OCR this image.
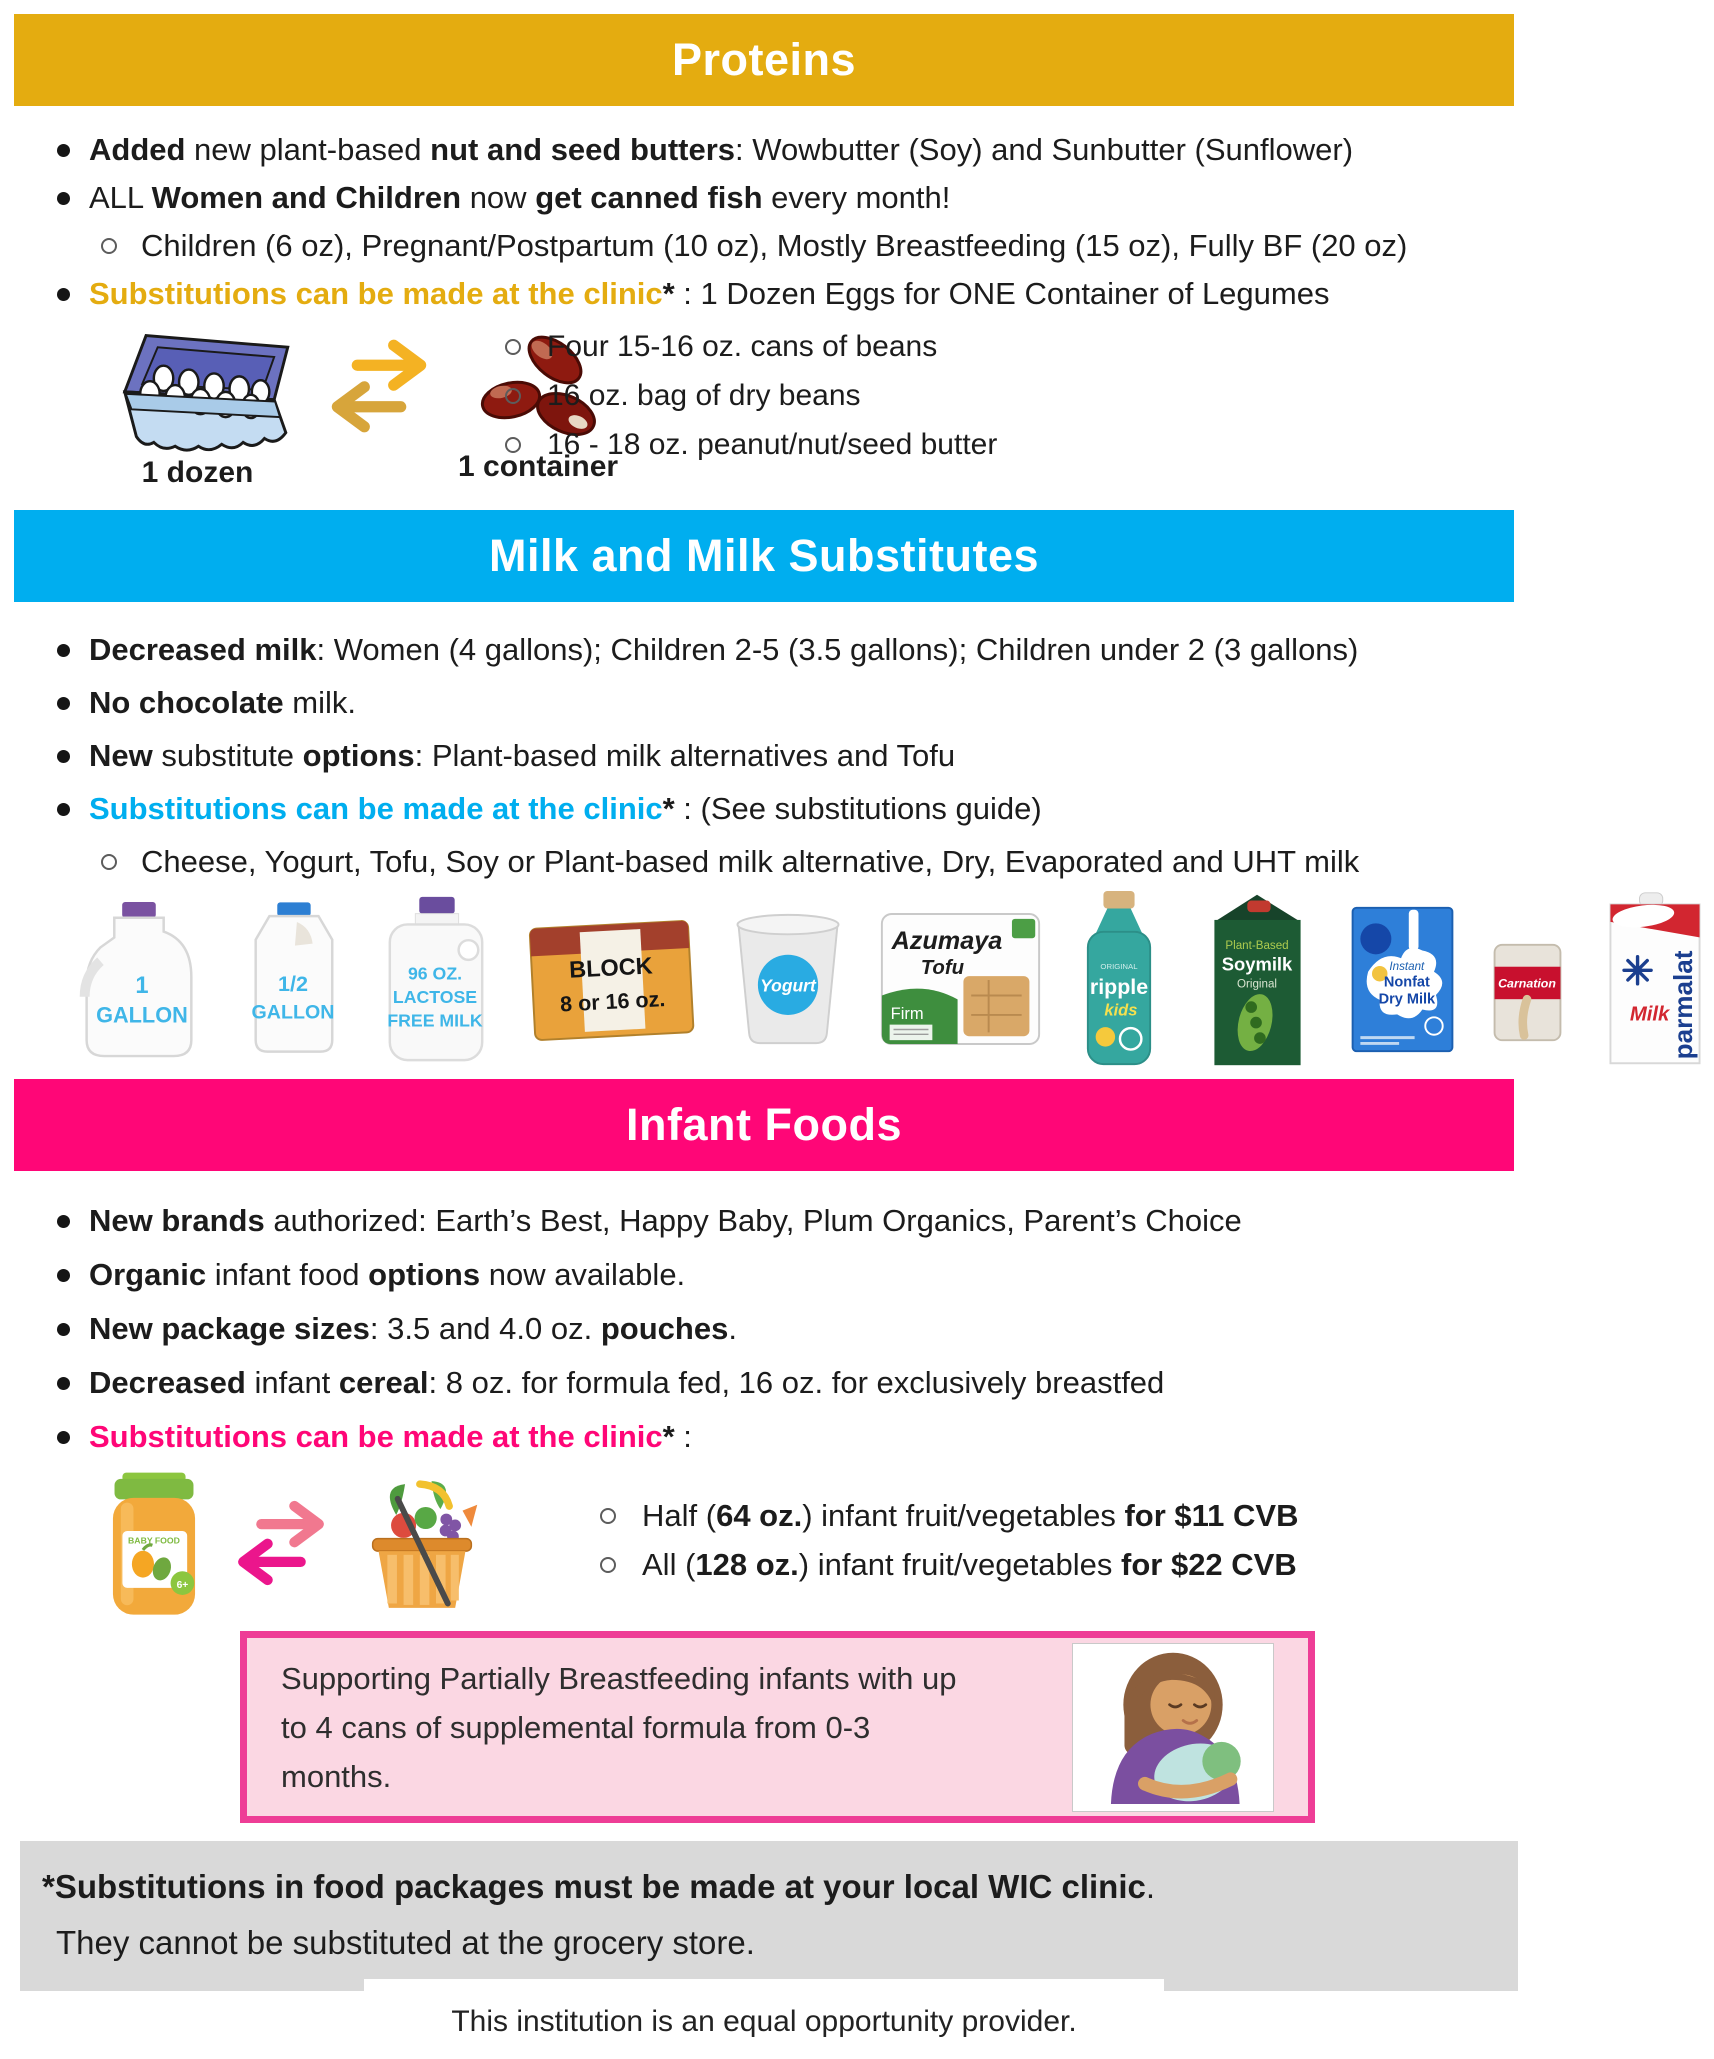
Proteins
Added new plant-based nut and seed butters: Wowbutter (Soy) and Sunbutter (Sunflower)
ALL Women and Children now get canned fish every month!
Children (6 oz), Pregnant/Postpartum (10 oz), Mostly Breastfeeding (15 oz), Fully BF (20 oz)
Substitutions can be made at the clinic* : 1 Dozen Eggs for ONE Container of Legumes
1 dozen	1 container
Four 15-16 oz. cans of beans
16 oz. bag of dry beans
16 - 18 oz. peanut/nut/seed butter
Milk and Milk Substitutes
Decreased milk: Women (4 gallons); Children 2-5 (3.5 gallons); Children under 2 (3 gallons)
No chocolate milk.
New substitute options: Plant-based milk alternatives and Tofu
Substitutions can be made at the clinic* : (See substitutions guide)
Cheese, Yogurt, Tofu, Soy or Plant-based milk alternative, Dry, Evaporated and UHT milk
1
GALLON
1/2
GALLON
96 OZ.
LACTOSE
FREE MILK
BLOCK
8 or 16 oz.
Yogurt
Azumaya
Tofu
Firm
ORIGINAL
ripple
kids
Plant-Based
Soymilk
Original
Instant
Nonfat
Dry Milk
Carnation
Milk
parmalat
Infant Foods
New brands authorized: Earth’s Best, Happy Baby, Plum Organics, Parent’s Choice
Organic infant food options now available.
New package sizes: 3.5 and 4.0 oz. pouches.
Decreased infant cereal: 8 oz. for formula fed, 16 oz. for exclusively breastfed
Substitutions can be made at the clinic* :
BABY FOOD
6+
Half (64 oz.) infant fruit/vegetables for $11 CVB
All (128 oz.) infant fruit/vegetables for $22 CVB
Supporting Partially Breastfeeding infants with up to 4 cans of supplemental formula from 0-3 months.
*Substitutions in food packages must be made at your local WIC clinic.
They cannot be substituted at the grocery store.
This institution is an equal opportunity provider.
